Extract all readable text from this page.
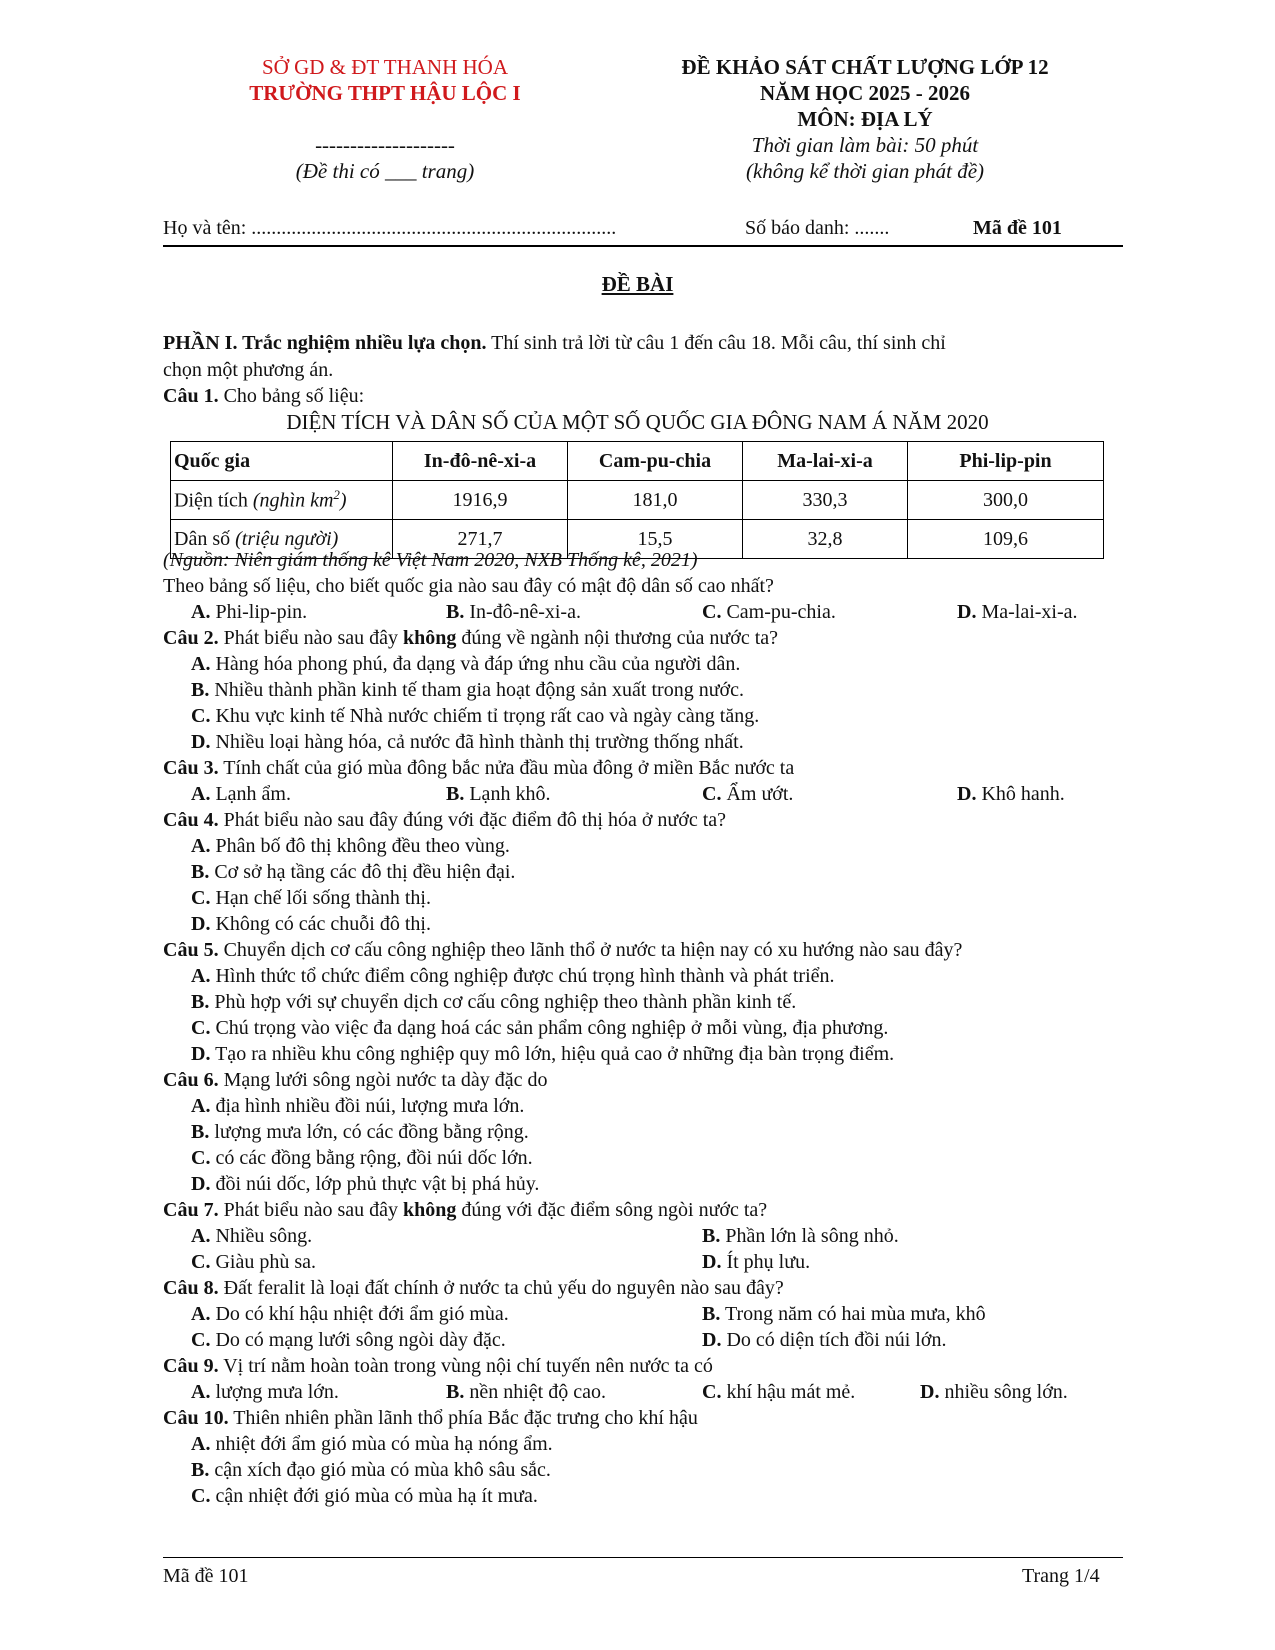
SỞ GD & ĐT THANH HÓA
TRƯỜNG THPT HẬU LỘC I
--------------------
(Đề thi có ___ trang)
ĐỀ KHẢO SÁT CHẤT LƯỢNG LỚP 12
NĂM HỌC 2025 - 2026
MÔN: ĐỊA LÝ
Thời gian làm bài: 50 phút
(không kể thời gian phát đề)
Họ và tên: .........................................................................	Số báo danh: .......	Mã đề 101
ĐỀ BÀI
PHẦN I. Trắc nghiệm nhiều lựa chọn. Thí sinh trả lời từ câu 1 đến câu 18. Mỗi câu, thí sinh chỉ
chọn một phương án.
Câu 1. Cho bảng số liệu:
DIỆN TÍCH VÀ DÂN SỐ CỦA MỘT SỐ QUỐC GIA ĐÔNG NAM Á NĂM 2020
Quốc gia	In-đô-nê-xi-a	Cam-pu-chia	Ma-lai-xi-a	Phi-lip-pin
Diện tích (nghìn $km^2$)	1916,9	181,0	330,3	300,0
Dân số (triệu người)	271,7	15,5	32,8	109,6
(Nguồn: Niên giám thống kê Việt Nam 2020, NXB Thống kê, 2021)
Theo bảng số liệu, cho biết quốc gia nào sau đây có mật độ dân số cao nhất?
A. Phi-lip-pin.	B. In-đô-nê-xi-a.	C. Cam-pu-chia.	D. Ma-lai-xi-a.
Câu 2. Phát biểu nào sau đây không đúng về ngành nội thương của nước ta?
A. Hàng hóa phong phú, đa dạng và đáp ứng nhu cầu của người dân.
B. Nhiều thành phần kinh tế tham gia hoạt động sản xuất trong nước.
C. Khu vực kinh tế Nhà nước chiếm tỉ trọng rất cao và ngày càng tăng.
D. Nhiều loại hàng hóa, cả nước đã hình thành thị trường thống nhất.
Câu 3. Tính chất của gió mùa đông bắc nửa đầu mùa đông ở miền Bắc nước ta
A. Lạnh ẩm.	B. Lạnh khô.	C. Ẩm ướt.	D. Khô hanh.
Câu 4. Phát biểu nào sau đây đúng với đặc điểm đô thị hóa ở nước ta?
A. Phân bố đô thị không đều theo vùng.
B. Cơ sở hạ tầng các đô thị đều hiện đại.
C. Hạn chế lối sống thành thị.
D. Không có các chuỗi đô thị.
Câu 5. Chuyển dịch cơ cấu công nghiệp theo lãnh thổ ở nước ta hiện nay có xu hướng nào sau đây?
A. Hình thức tổ chức điểm công nghiệp được chú trọng hình thành và phát triển.
B. Phù hợp với sự chuyển dịch cơ cấu công nghiệp theo thành phần kinh tế.
C. Chú trọng vào việc đa dạng hoá các sản phẩm công nghiệp ở mỗi vùng, địa phương.
D. Tạo ra nhiều khu công nghiệp quy mô lớn, hiệu quả cao ở những địa bàn trọng điểm.
Câu 6. Mạng lưới sông ngòi nước ta dày đặc do
A. địa hình nhiều đồi núi, lượng mưa lớn.
B. lượng mưa lớn, có các đồng bằng rộng.
C. có các đồng bằng rộng, đồi núi dốc lớn.
D. đồi núi dốc, lớp phủ thực vật bị phá hủy.
Câu 7. Phát biểu nào sau đây không đúng với đặc điểm sông ngòi nước ta?
A. Nhiều sông.	B. Phần lớn là sông nhỏ.
C. Giàu phù sa.	D. Ít phụ lưu.
Câu 8. Đất feralit là loại đất chính ở nước ta chủ yếu do nguyên nào sau đây?
A. Do có khí hậu nhiệt đới ẩm gió mùa.	B. Trong năm có hai mùa mưa, khô
C. Do có mạng lưới sông ngòi dày đặc.	D. Do có diện tích đồi núi lớn.
Câu 9. Vị trí nằm hoàn toàn trong vùng nội chí tuyến nên nước ta có
A. lượng mưa lớn.	B. nền nhiệt độ cao.	C. khí hậu mát mẻ.	D. nhiều sông lớn.
Câu 10. Thiên nhiên phần lãnh thổ phía Bắc đặc trưng cho khí hậu
A. nhiệt đới ẩm gió mùa có mùa hạ nóng ẩm.
B. cận xích đạo gió mùa có mùa khô sâu sắc.
C. cận nhiệt đới gió mùa có mùa hạ ít mưa.
Mã đề 101	Trang 1/4
